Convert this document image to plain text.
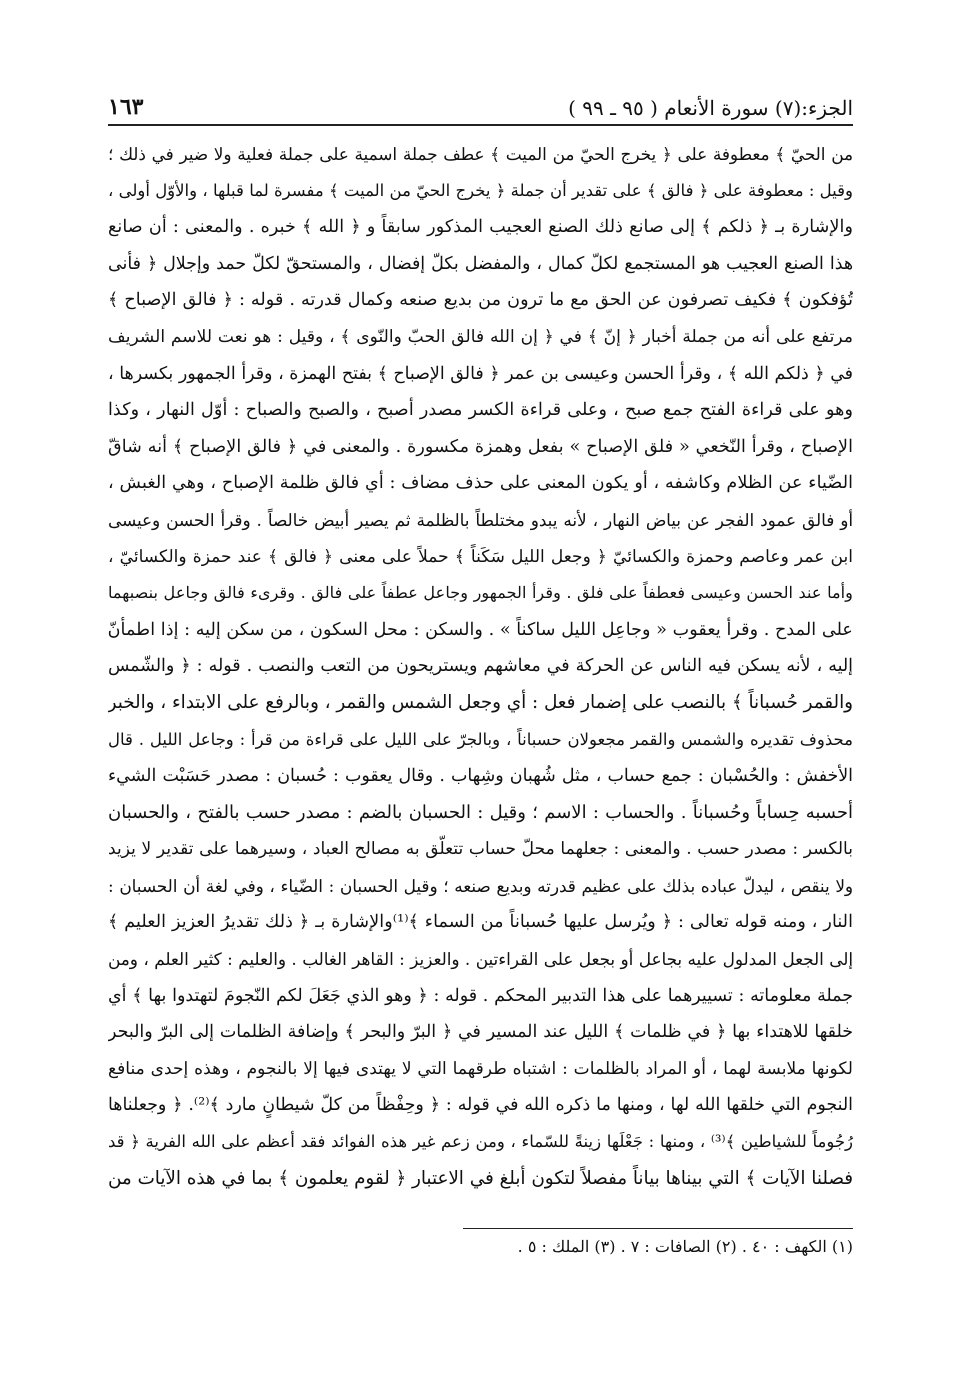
الجزء:(٧) سورة الأنعام ( ٩٥ ـ ٩٩ )
١٦٣
من الحيّ ﴾ معطوفة على ﴿ يخرج الحيّ من الميت ﴾ عطف جملة اسمية على جملة فعلية ولا ضير في ذلك ؛
وقيل : معطوفة على ﴿ فالق ﴾ على تقدير أن جملة ﴿ يخرج الحيّ من الميت ﴾ مفسرة لما قبلها ، والأوّل أولى ،
والإشارة بـ ﴿ ذلكم ﴾ إلى صانع ذلك الصنع العجيب المذكور سابقاً و ﴿ الله ﴾ خبره . والمعنى : أن صانع
هذا الصنع العجيب هو المستجمع لكلّ كمال ، والمفضل بكلّ إفضال ، والمستحقّ لكلّ حمد وإجلال ﴿ فأنى
تُؤفكون ﴾ فكيف تصرفون عن الحق مع ما ترون من بديع صنعه وكمال قدرته . قوله : ﴿ فالق الإصباح ﴾
مرتفع على أنه من جملة أخبار ﴿ إنّ ﴾ في ﴿ إن الله فالق الحبّ والنّوى ﴾ ، وقيل : هو نعت للاسم الشريف
في ﴿ ذلكم الله ﴾ ، وقرأ الحسن وعيسى بن عمر ﴿ فالق الإصباح ﴾ بفتح الهمزة ، وقرأ الجمهور بكسرها ،
وهو على قراءة الفتح جمع صبح ، وعلى قراءة الكسر مصدر أصبح ، والصبح والصباح : أوّل النهار ، وكذا
الإصباح ، وقرأ النّخعي « فلق الإصباح » بفعل وهمزة مكسورة . والمعنى في ﴿ فالق الإصباح ﴾ أنه شاقّ
الضّياء عن الظلام وكاشفه ، أو يكون المعنى على حذف مضاف : أي فالق ظلمة الإصباح ، وهي الغبش ،
أو فالق عمود الفجر عن بياض النهار ، لأنه يبدو مختلطاً بالظلمة ثم يصير أبيض خالصاً . وقرأ الحسن وعيسى
ابن عمر وعاصم وحمزة والكسائيّ ﴿ وجعل الليل سَكَناً ﴾ حملاً على معنى ﴿ فالق ﴾ عند حمزة والكسائيّ ،
وأما عند الحسن وعيسى فعطفاً على فلق . وقرأ الجمهور وجاعل عطفاً على فالق . وقرىء فالق وجاعل بنصبهما
على المدح . وقرأ يعقوب « وجاعِل الليل ساكناً » . والسكن : محل السكون ، من سكن إليه : إذا اطمأنّ
إليه ، لأنه يسكن فيه الناس عن الحركة في معاشهم ويستريحون من التعب والنصب . قوله : ﴿ والشّمس
والقمر حُسباناً ﴾ بالنصب على إضمار فعل : أي وجعل الشمس والقمر ، وبالرفع على الابتداء ، والخبر
محذوف تقديره والشمس والقمر مجعولان حسباناً ، وبالجرّ على الليل على قراءة من قرأ : وجاعل الليل . قال
الأخفش : والحُسْبان : جمع حساب ، مثل شُهبان وشِهاب . وقال يعقوب : حُسبان : مصدر حَسَبْت الشيء
أحسبه حِساباً وحُسباناً . والحساب : الاسم ؛ وقيل : الحسبان بالضم : مصدر حسب بالفتح ، والحسبان
بالكسر : مصدر حسب . والمعنى : جعلهما محلّ حساب تتعلّق به مصالح العباد ، وسيرهما على تقدير لا يزيد
ولا ينقص ، ليدلّ عباده بذلك على عظيم قدرته وبديع صنعه ؛ وقيل الحسبان : الضّياء ، وفي لغة أن الحسبان :
النار ، ومنه قوله تعالى : ﴿ ويُرسل عليها حُسباناً من السماء ﴾⁽¹⁾والإشارة بـ ﴿ ذلك تقديرُ العزيز العليم ﴾
إلى الجعل المدلول عليه بجاعل أو بجعل على القراءتين . والعزيز : القاهر الغالب . والعليم : كثير العلم ، ومن
جملة معلوماته : تسييرهما على هذا التدبير المحكم . قوله : ﴿ وهو الذي جَعَلَ لكم النّجومَ لتهتدوا بها ﴾ أي
خلقها للاهتداء بها ﴿ في ظلمات ﴾ الليل عند المسير في ﴿ البرّ والبحر ﴾ وإضافة الظلمات إلى البرّ والبحر
لكونها ملابسة لهما ، أو المراد بالظلمات : اشتباه طرقهما التي لا يهتدى فيها إلا بالنجوم ، وهذه إحدى منافع
النجوم التي خلقها الله لها ، ومنها ما ذكره الله في قوله : ﴿ وحِفْظاً من كلّ شيطانٍ مارد ﴾⁽²⁾. ﴿ وجعلناها
رُجُوماً للشياطين ﴾⁽³⁾ ، ومنها : جَعْلَها زينةً للسّماء ، ومن زعم غير هذه الفوائد فقد أعظم على الله الفرية ﴿ قد
فصلنا الآيات ﴾ التي بيناها بياناً مفصلاً لتكون أبلغ في الاعتبار ﴿ لقوم يعلمون ﴾ بما في هذه الآيات من
(١) الكهف : ٤٠ . (٢) الصافات : ٧ . (٣) الملك : ٥ .
